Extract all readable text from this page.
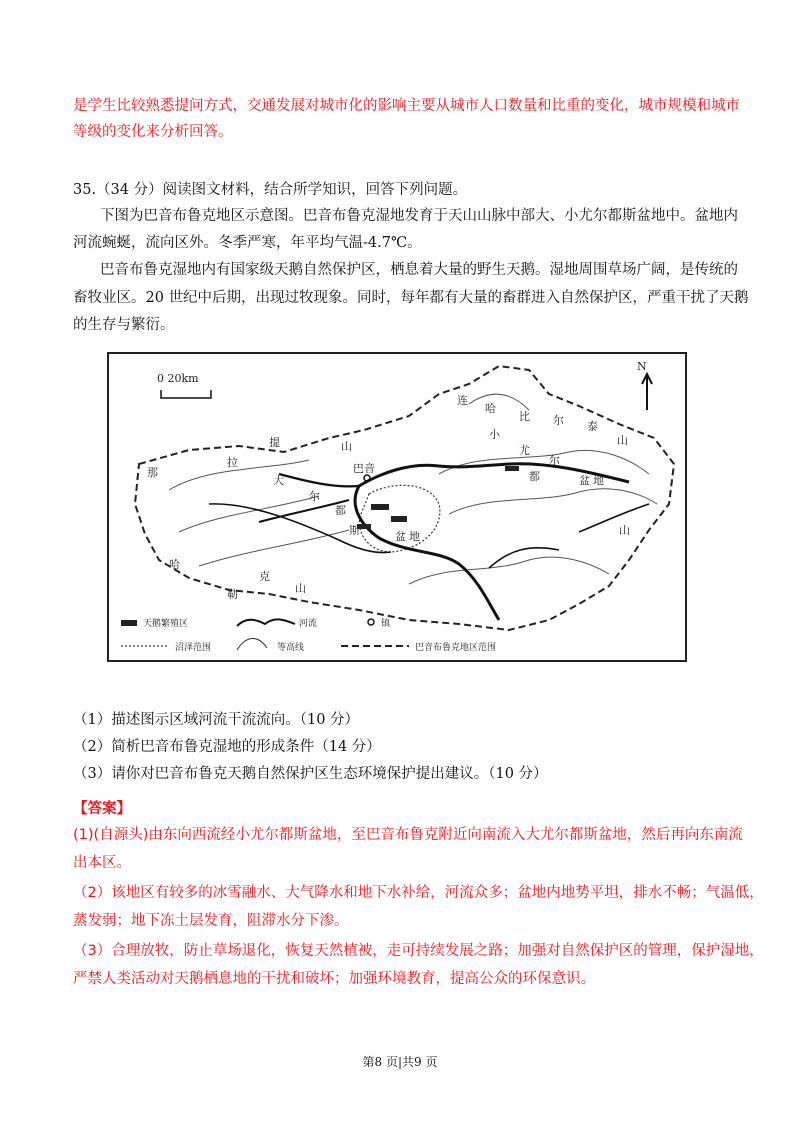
是学生比较熟悉提问方式，交通发展对城市化的影响主要从城市人口数量和比重的变化，城市规模和城市
等级的变化来分析回答。
35.（34 分）阅读图文材料，结合所学知识，回答下列问题。
下图为巴音布鲁克地区示意图。巴音布鲁克湿地发育于天山山脉中部大、小尤尔都斯盆地中。盆地内
河流蜿蜒，流向区外。冬季严寒，年平均气温-4.7℃。
巴音布鲁克湿地内有国家级天鹅自然保护区，栖息着大量的野生天鹅。湿地周围草场广阔，是传统的
畜牧业区。20 世纪中后期，出现过牧现象。同时，每年都有大量的畜群进入自然保护区，严重干扰了天鹅
的生存与繁衍。
0 20km
N
山
连
哈
比 尔 泰
山
提
拉
那
大
尔
都
斯
小
尤
尔
山
克
勒	山
哈
巴音
都
盆 地
盆 地
天鹅繁殖区	河流	镇
沼泽范围	等高线	巴音布鲁克地区范围
（1）描述图示区域河流干流流向。（10 分）
（2）简析巴音布鲁克湿地的形成条件（14 分）
（3）请你对巴音布鲁克天鹅自然保护区生态环境保护提出建议。（10 分）
【答案】
(1)(自源头)由东向西流经小尤尔都斯盆地，至巴音布鲁克附近向南流入大尤尔都斯盆地，然后再向东南流
出本区。
（2）该地区有较多的冰雪融水、大气降水和地下水补给，河流众多；盆地内地势平坦，排水不畅；气温低，
蒸发弱；地下冻土层发育，阻滞水分下渗。
（3）合理放牧，防止草场退化，恢复天然植被，走可持续发展之路；加强对自然保护区的管理，保护湿地，
严禁人类活动对天鹅栖息地的干扰和破坏；加强环境教育，提高公众的环保意识。
第8 页|共9 页
